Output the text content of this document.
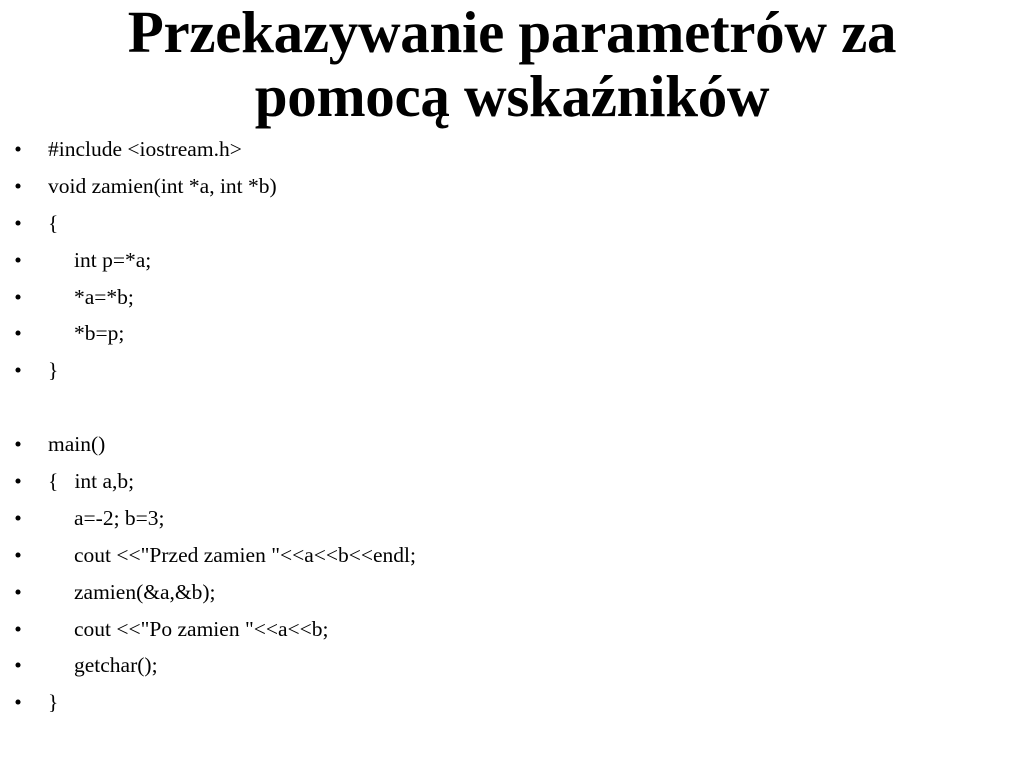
Przekazywanie parametrów za
pomocą wskaźników
• #include <iostream.h>
• void zamien(int *a, int *b)
• {
• int p=*a;
• *a=*b;
• *b=p;
• }
• main()
• {   int a,b;
• a=-2; b=3;
• cout <<"Przed zamien "<<a<<b<<endl;
• zamien(&a,&b);
• cout <<"Po zamien "<<a<<b;
• getchar();
• }
